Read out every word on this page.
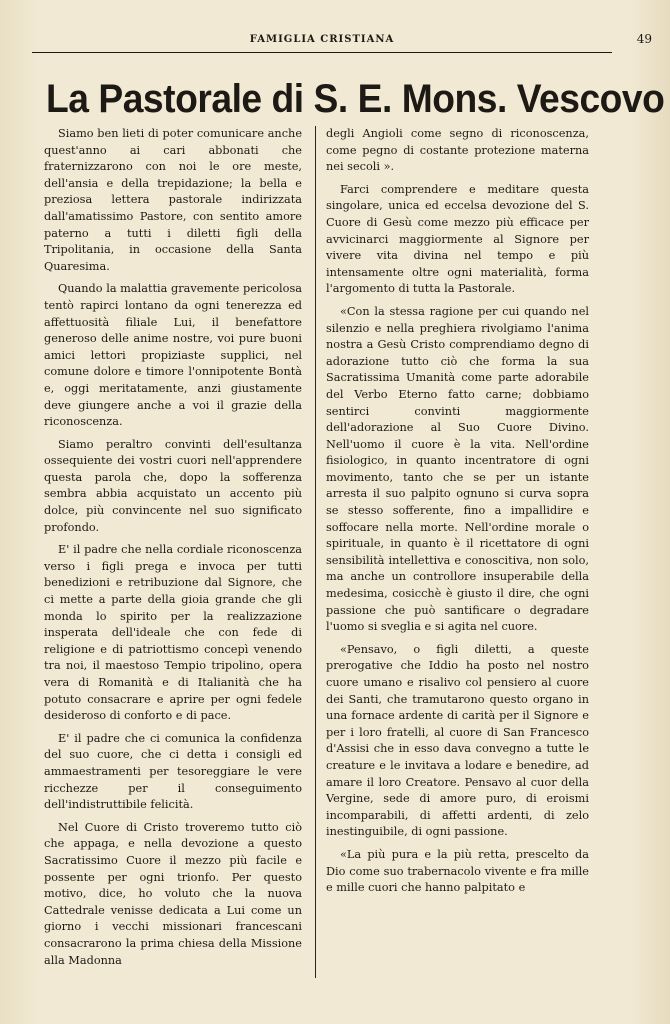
FAMIGLIA CRISTIANA	49
La Pastorale di S. E. Mons. Vescovo

Siamo ben lieti di poter comunicare anche quest'anno ai cari abbonati che fraternizzarono con noi le ore meste, dell'ansia e della trepidazione; la bella e preziosa lettera pastorale indirizzata dall'amatissimo Pastore, con sentito amore paterno a tutti i diletti figli della Tripolitania, in occasione della Santa Quaresima.

Quando la malattia gravemente pericolosa tentò rapirci lontano da ogni tenerezza ed affettuosità filiale Lui, il benefattore generoso delle anime nostre, voi pure buoni amici lettori propiziaste supplici, nel comune dolore e timore l'onnipotente Bontà e, oggi meritatamente, anzi giustamente deve giungere anche a voi il grazie della riconoscenza.

Siamo peraltro convinti dell'esultanza ossequiente dei vostri cuori nell'apprendere questa parola che, dopo la sofferenza sembra abbia acquistato un accento più dolce, più convincente nel suo significato profondo.

E' il padre che nella cordiale riconoscenza verso i figli prega e invoca per tutti benedizioni e retribuzione dal Signore, che ci mette a parte della gioia grande che gli monda lo spirito per la realizzazione insperata dell'ideale che con fede di religione e di patriottismo concepì venendo tra noi, il maestoso Tempio tripolino, opera vera di Romanità e di Italianità che ha potuto consacrare e aprire per ogni fedele desideroso di conforto e di pace.

E' il padre che ci comunica la confidenza del suo cuore, che ci detta i consigli ed ammaestramenti per tesoreggiare le vere ricchezze per il conseguimento dell'indistruttibile felicità.

Nel Cuore di Cristo troveremo tutto ciò che appaga, e nella devozione a questo Sacratissimo Cuore il mezzo più facile e possente per ogni trionfo. Per questo motivo, dice, ho voluto che la nuova Cattedrale venisse dedicata a Lui come un giorno i vecchi missionari francescani consacrarono la prima chiesa della Missione alla Madonna

degli Angioli come segno di riconoscenza, come pegno di costante protezione materna nei secoli ».

Farci comprendere e meditare questa singolare, unica ed eccelsa devozione del S. Cuore di Gesù come mezzo più efficace per avvicinarci maggiormente al Signore per vivere vita divina nel tempo e più intensamente oltre ogni materialità, forma l'argomento di tutta la Pastorale.

«Con la stessa ragione per cui quando nel silenzio e nella preghiera rivolgiamo l'anima nostra a Gesù Cristo comprendiamo degno di adorazione tutto ciò che forma la sua Sacratissima Umanità come parte adorabile del Verbo Eterno fatto carne; dobbiamo sentirci convinti maggiormente dell'adorazione al Suo Cuore Divino. Nell'uomo il cuore è la vita. Nell'ordine fisiologico, in quanto incentratore di ogni movimento, tanto che se per un istante arresta il suo palpito ognuno si curva sopra se stesso sofferente, fino a impallidire e soffocare nella morte. Nell'ordine morale o spirituale, in quanto è il ricettatore di ogni sensibilità intellettiva e conoscitiva, non solo, ma anche un controllore insuperabile della medesima, cosicchè è giusto il dire, che ogni passione che può santificare o degradare l'uomo si sveglia e si agita nel cuore.

«Pensavo, o figli diletti, a queste prerogative che Iddio ha posto nel nostro cuore umano e risalivo col pensiero al cuore dei Santi, che tramutarono questo organo in una fornace ardente di carità per il Signore e per i loro fratelli, al cuore di San Francesco d'Assisi che in esso dava convegno a tutte le creature e le invitava a lodare e benedire, ad amare il loro Creatore. Pensavo al cuor della Vergine, sede di amore puro, di eroismi incomparabili, di affetti ardenti, di zelo inestinguibile, di ogni passione.

«La più pura e la più retta, prescelto da Dio come suo trabernacolo vivente e fra mille e mille cuori che hanno palpitato e
